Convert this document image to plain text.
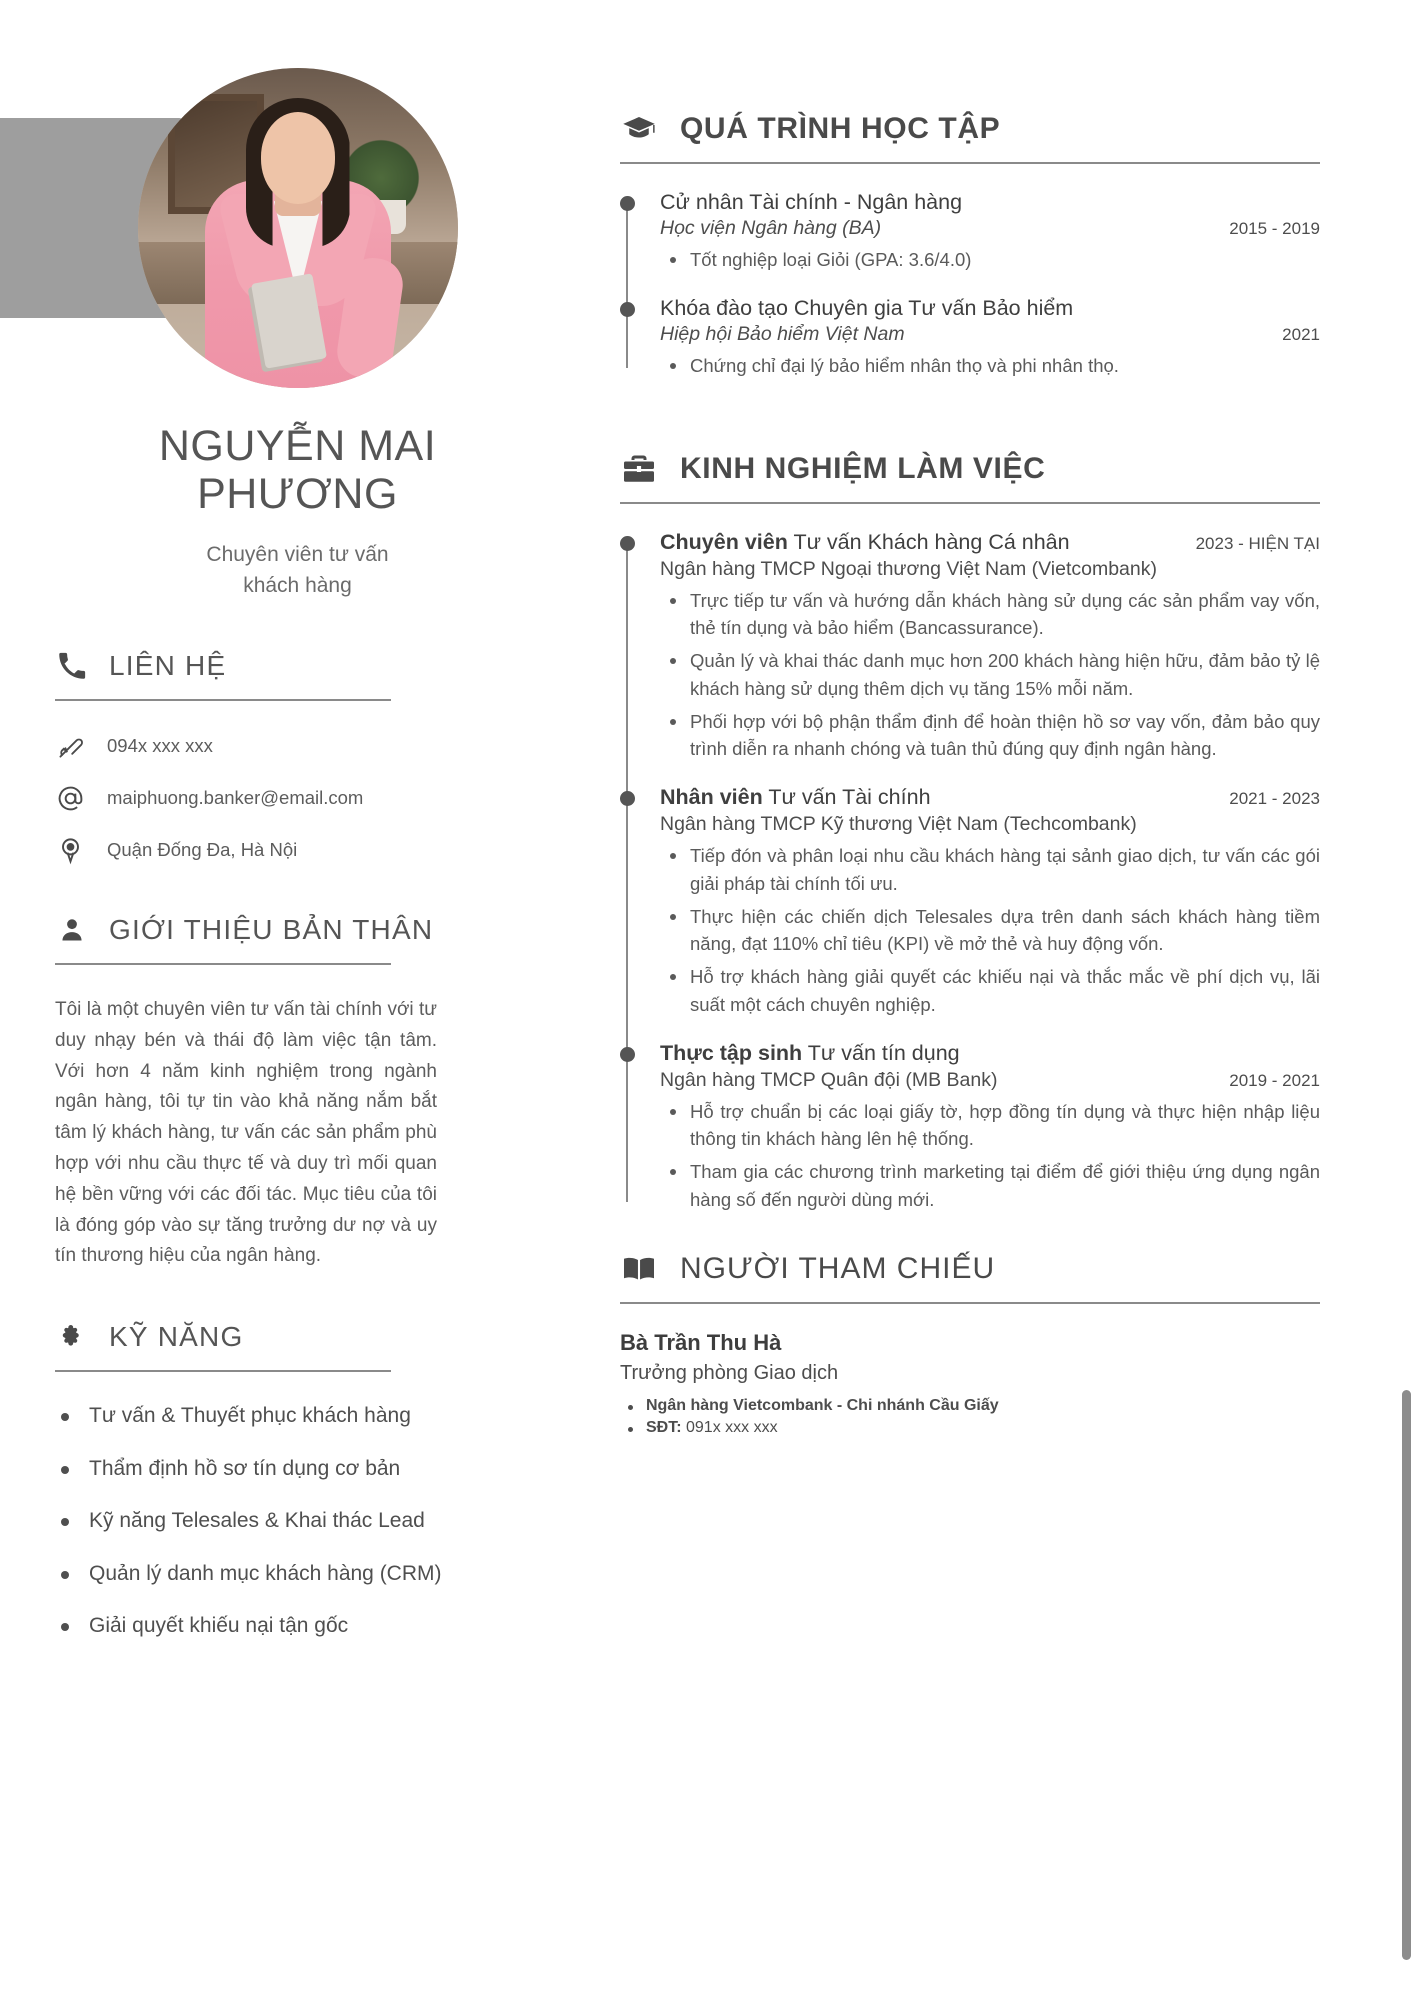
NGUYỄN MAI PHƯƠNG
Chuyên viên tư vấn
khách hàng
LIÊN HỆ
094x xxx xxx
maiphuong.banker@email.com
Quận Đống Đa, Hà Nội
GIỚI THIỆU BẢN THÂN

Tôi là một chuyên viên tư vấn tài chính với tư duy nhạy bén và thái độ làm việc tận tâm. Với hơn 4 năm kinh nghiệm trong ngành ngân hàng, tôi tự tin vào khả năng nắm bắt tâm lý khách hàng, tư vấn các sản phẩm phù hợp với nhu cầu thực tế và duy trì mối quan hệ bền vững với các đối tác. Mục tiêu của tôi là đóng góp vào sự tăng trưởng dư nợ và uy tín thương hiệu của ngân hàng.

KỸ NĂNG
Tư vấn & Thuyết phục khách hàng
Thẩm định hồ sơ tín dụng cơ bản
Kỹ năng Telesales & Khai thác Lead
Quản lý danh mục khách hàng (CRM)
Giải quyết khiếu nại tận gốc
QUÁ TRÌNH HỌC TẬP
Cử nhân Tài chính - Ngân hàng
Học viện Ngân hàng (BA)	2015 - 2019
Tốt nghiệp loại Giỏi (GPA: 3.6/4.0)
Khóa đào tạo Chuyên gia Tư vấn Bảo hiểm
Hiệp hội Bảo hiểm Việt Nam	2021
Chứng chỉ đại lý bảo hiểm nhân thọ và phi nhân thọ.
KINH NGHIỆM LÀM VIỆC
Chuyên viên Tư vấn Khách hàng Cá nhân	2023 - HIỆN TẠI
Ngân hàng TMCP Ngoại thương Việt Nam (Vietcombank)
Trực tiếp tư vấn và hướng dẫn khách hàng sử dụng các sản phẩm vay vốn, thẻ tín dụng và bảo hiểm (Bancassurance).
Quản lý và khai thác danh mục hơn 200 khách hàng hiện hữu, đảm bảo tỷ lệ khách hàng sử dụng thêm dịch vụ tăng 15% mỗi năm.
Phối hợp với bộ phận thẩm định để hoàn thiện hồ sơ vay vốn, đảm bảo quy trình diễn ra nhanh chóng và tuân thủ đúng quy định ngân hàng.
Nhân viên Tư vấn Tài chính	2021 - 2023
Ngân hàng TMCP Kỹ thương Việt Nam (Techcombank)
Tiếp đón và phân loại nhu cầu khách hàng tại sảnh giao dịch, tư vấn các gói giải pháp tài chính tối ưu.
Thực hiện các chiến dịch Telesales dựa trên danh sách khách hàng tiềm năng, đạt 110% chỉ tiêu (KPI) về mở thẻ và huy động vốn.
Hỗ trợ khách hàng giải quyết các khiếu nại và thắc mắc về phí dịch vụ, lãi suất một cách chuyên nghiệp.
Thực tập sinh Tư vấn tín dụng
Ngân hàng TMCP Quân đội (MB Bank)	2019 - 2021
Hỗ trợ chuẩn bị các loại giấy tờ, hợp đồng tín dụng và thực hiện nhập liệu thông tin khách hàng lên hệ thống.
Tham gia các chương trình marketing tại điểm để giới thiệu ứng dụng ngân hàng số đến người dùng mới.
NGƯỜI THAM CHIẾU
Bà Trần Thu Hà
Trưởng phòng Giao dịch
Ngân hàng Vietcombank - Chi nhánh Cầu Giấy
SĐT: 091x xxx xxx
